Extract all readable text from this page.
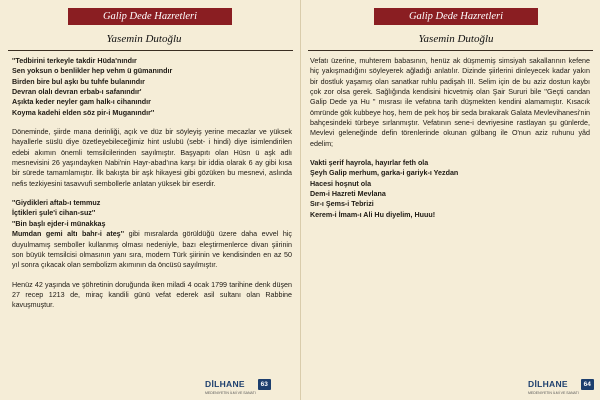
Galip Dede Hazretleri
Yasemin Dutoğlu
''Tedbirini terkeyle takdir Hüda'nındır
Sen yoksun o benlikler hep vehm ü gümanındır
Birden bire bul aşkı bu tuhfe bulanındır
Devran olalı devran erbab-ı safanındır'
Aşıkta keder neyler gam halk-ı cihanındır
Koyma kadehi elden söz pir-i Muganındır''

Döneminde, şiirde mana derinliği, açık ve düz bir söyleyiş yerine mecazlar ve yüksek hayallerle süslü diye özetleyebileceğimiz hint uslubü (sebt- i hindi) diye isimlendirilen edebi akımın önemli temsilcilerinden sayılmıştır. Başyapıtı olan Hüsn ü aşk adlı mesnevisini 26 yaşındayken Nabi'nin Hayr-abad'ına karşı bir iddia olarak 6 ay gibi kısa bir sürede tamamlamıştır. İlk bakışta bir aşk hikayesi gibi gözüken bu mesnevi, aslında nefis tezkiyesini tasavvufi sembollerle anlatan yüksek bir eserdir.

''Giydikleri aftab-ı temmuz
İçtikleri şule'i cihan-suz''
''Bin başlı ejder-i münakkaş

Mumdan gemi altı bahr-i ateş'' gibi mısralarda görüldüğü üzere daha evvel hiç duyulmamış semboller kullanmış olması nedeniyle, bazı eleştirmenlerce divan şiirinin son büyük temsilcisi olmasının yanı sıra, modern Türk şiirinin ve kendisinden en az 50 yıl sonra çıkacak olan sembolizm akımının da öncüsü sayılmıştır.

Henüz 42 yaşında ve şöhretinin doruğunda iken miladi 4 ocak 1799 tarihine denk düşen 27 recep 1213 de, miraç kandili günü vefat ederek asil sultanı olan Rabbine kavuşmuştur.

DİLHANE
MEDENIYETIN İLMİ VE SANATI
63
Galip Dede Hazretleri
Yasemin Dutoğlu

Vefatı üzerine, muhterem babasının, henüz ak düşmemiş simsiyah sakallarının kefene hiç yakışmadığını söyleyerek ağladığı anlatılır. Dizinde şiirlerini dinleyecek kadar yakın bir dostluk yaşamış olan sanatkar ruhlu padişah III. Selim için de bu aziz dostun kaybı çok zor olsa gerek. Sağlığında kendisini hicvetmiş olan Şair Sururi bile ''Geçti candan Galip Dede ya Hu '' mısrası ile vefatına tarih düşmekten kendini alamamıştır. Kısacık ömründe gök kubbeye hoş, hem de pek hoş bir seda bırakarak Galata Mevlevihanesi'nin bahçesindeki türbeye sırlanmıştır. Vefatının sene-i devriyesine rastlayan şu günlerde, Mevlevi geleneğinde defin törenlerinde okunan gülbang ile O'nun aziz ruhunu yâd edelim;

Vakti şerif hayrola, hayırlar feth ola
Şeyh Galip merhum, garka-i gariyk-ı Yezdan
Hacesi hoşnut ola
Dem-i Hazreti Mevlana
Sır-ı Şems-i Tebrizi
Kerem-i İmam-ı Ali Hu diyelim, Huuu!
DİLHANE
MEDENIYETIN İLMİ VE SANATI
64
